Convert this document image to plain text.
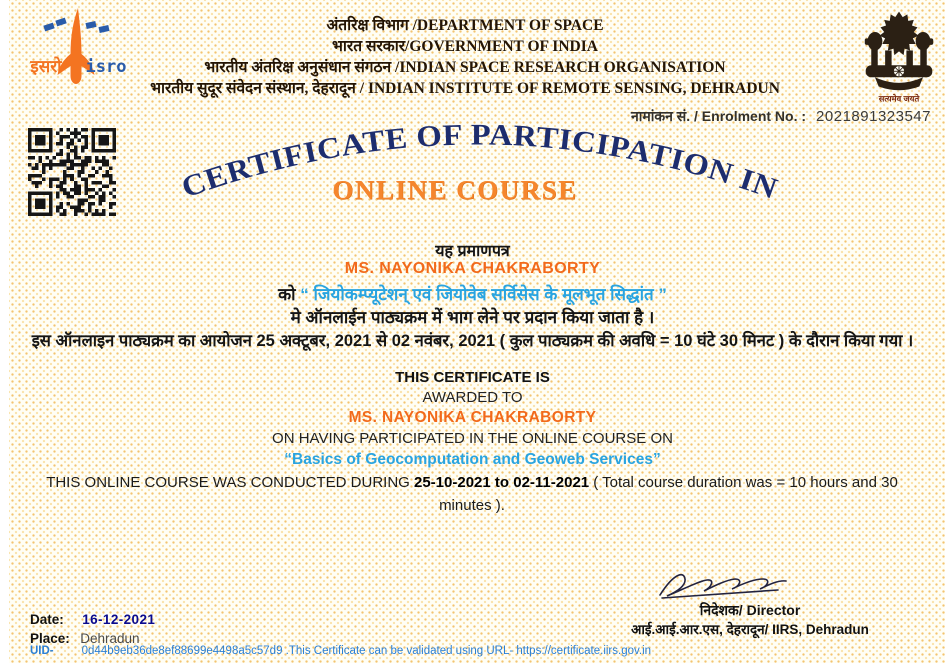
इसरो isro
सत्यमेव जयते
अंतरिक्ष विभाग /DEPARTMENT OF SPACE
भारत सरकार/GOVERNMENT OF INDIA
भारतीय अंतरिक्ष अनुसंधान संगठन /INDIAN SPACE RESEARCH ORGANISATION
भारतीय सुदूर संवेदन संस्थान, देहरादून / INDIAN INSTITUTE OF REMOTE SENSING, DEHRADUN
नामांकन सं. / Enrolment No. : 2021891323547
CERTIFICATE OF PARTICIPATION IN
ONLINE COURSE
यह प्रमाणपत्र
MS. NAYONIKA CHAKRABORTY
को “ जियोकम्प्यूटेशन् एवं जियोवेब सर्विसेस के मूलभूत सिद्धांत ”
मे ऑनलाईन पाठ्यक्रम में भाग लेने पर प्रदान किया जाता है ।
इस ऑनलाइन पाठ्यक्रम का आयोजन 25 अक्टूबर, 2021 से 02 नवंबर, 2021 ( कुल पाठ्यक्रम की अवधि = 10 घंटे 30 मिनट ) के दौरान किया गया ।
THIS CERTIFICATE IS
AWARDED TO
MS. NAYONIKA CHAKRABORTY
ON HAVING PARTICIPATED IN THE ONLINE COURSE ON
“Basics of Geocomputation and Geoweb Services”
THIS ONLINE COURSE WAS CONDUCTED DURING 25-10-2021 to 02-11-2021 ( Total course duration was = 10 hours and 30 minutes ).
Date: 16-12-2021
Place: Dehradun
निदेशक/ Director
आई.आई.आर.एस, देहरादून/ IIRS, Dehradun
UID- 0d44b9eb36de8ef88699e4498a5c57d9 .This Certificate can be validated using URL- https://certificate.iirs.gov.in
